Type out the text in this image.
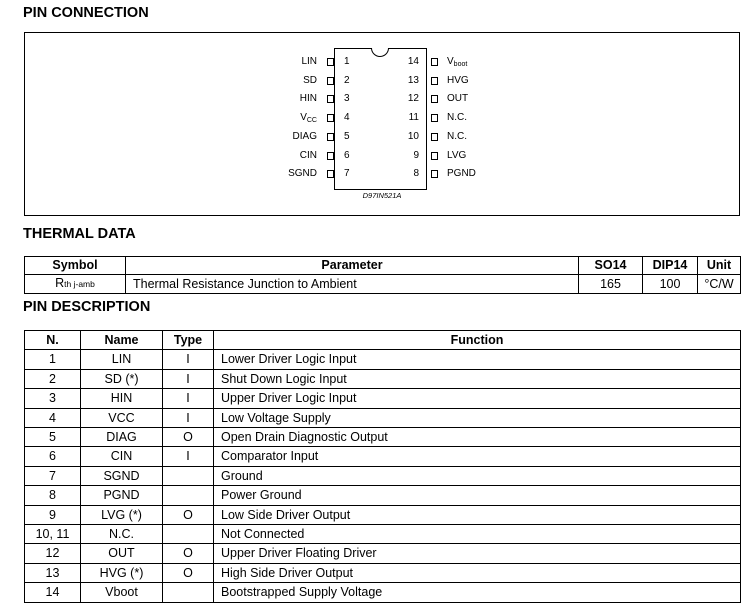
PIN CONNECTION
LIN	1
SD	2
HIN	3
$V_{CC}$	4
DIAG	5
CIN	6
SGND	7
$V_{boot}$
14
HVG
13
OUT
12
N.C.
11
N.C.
10
LVG
9
PGND
8
D97IN521A
THERMAL DATA
Symbol	Parameter	SO14	DIP14	Unit
Rth j-amb	Thermal Resistance Junction to Ambient	165	100	°C/W
PIN DESCRIPTION
N.	Name	Type	Function
1	LIN	I	Lower Driver Logic Input
2	SD (*)	I	Shut Down Logic Input
3	HIN	I	Upper Driver Logic Input
4	VCC	I	Low Voltage Supply
5	DIAG	O	Open Drain Diagnostic Output
6	CIN	I	Comparator Input
7	SGND		Ground
8	PGND		Power Ground
9	LVG (*)	O	Low Side Driver Output
10, 11	N.C.		Not Connected
12	OUT	O	Upper Driver Floating Driver
13	HVG (*)	O	High Side Driver Output
14	Vboot		Bootstrapped Supply Voltage
